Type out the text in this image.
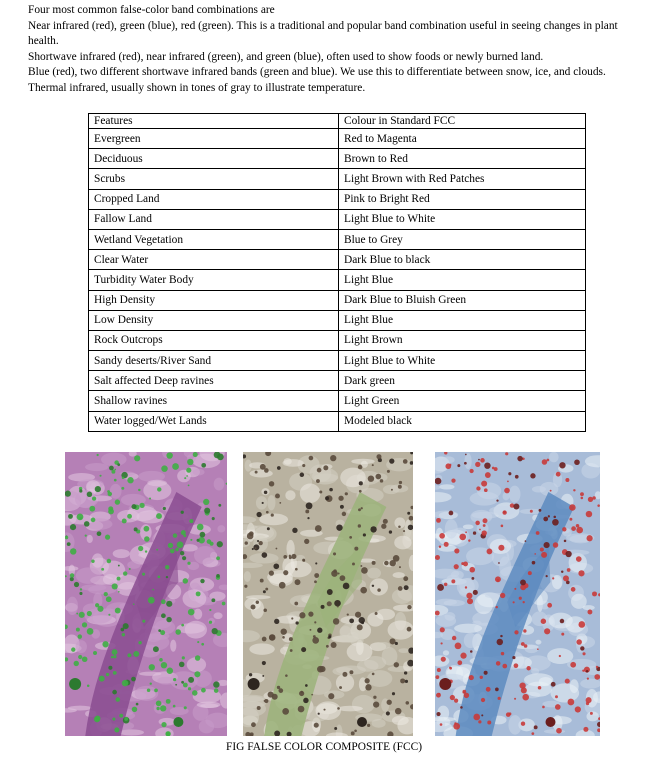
Four most common false-color band combinations are

Near infrared (red), green (blue), red (green). This is a traditional and popular band combination useful in seeing changes in plant health.

Shortwave infrared (red), near infrared (green), and green (blue), often used to show foods or newly burned land.

Blue (red), two different shortwave infrared bands (green and blue). We use this to differentiate between snow, ice, and clouds.

Thermal infrared, usually shown in tones of gray to illustrate temperature.

Features	Colour in Standard FCC
Evergreen	Red to Magenta
Deciduous	Brown to Red
Scrubs	Light Brown with Red Patches
Cropped Land	Pink to Bright Red
Fallow Land	Light Blue to White
Wetland Vegetation	Blue to Grey
Clear Water	Dark Blue to black
Turbidity Water Body	Light Blue
High Density	Dark Blue to Bluish Green
Low Density	Light Blue
Rock Outcrops	Light Brown
Sandy deserts/River Sand	Light Blue to White
Salt affected Deep ravines	Dark green
Shallow ravines	Light Green
Water logged/Wet Lands	Modeled black
FIG FALSE COLOR COMPOSITE (FCC)
